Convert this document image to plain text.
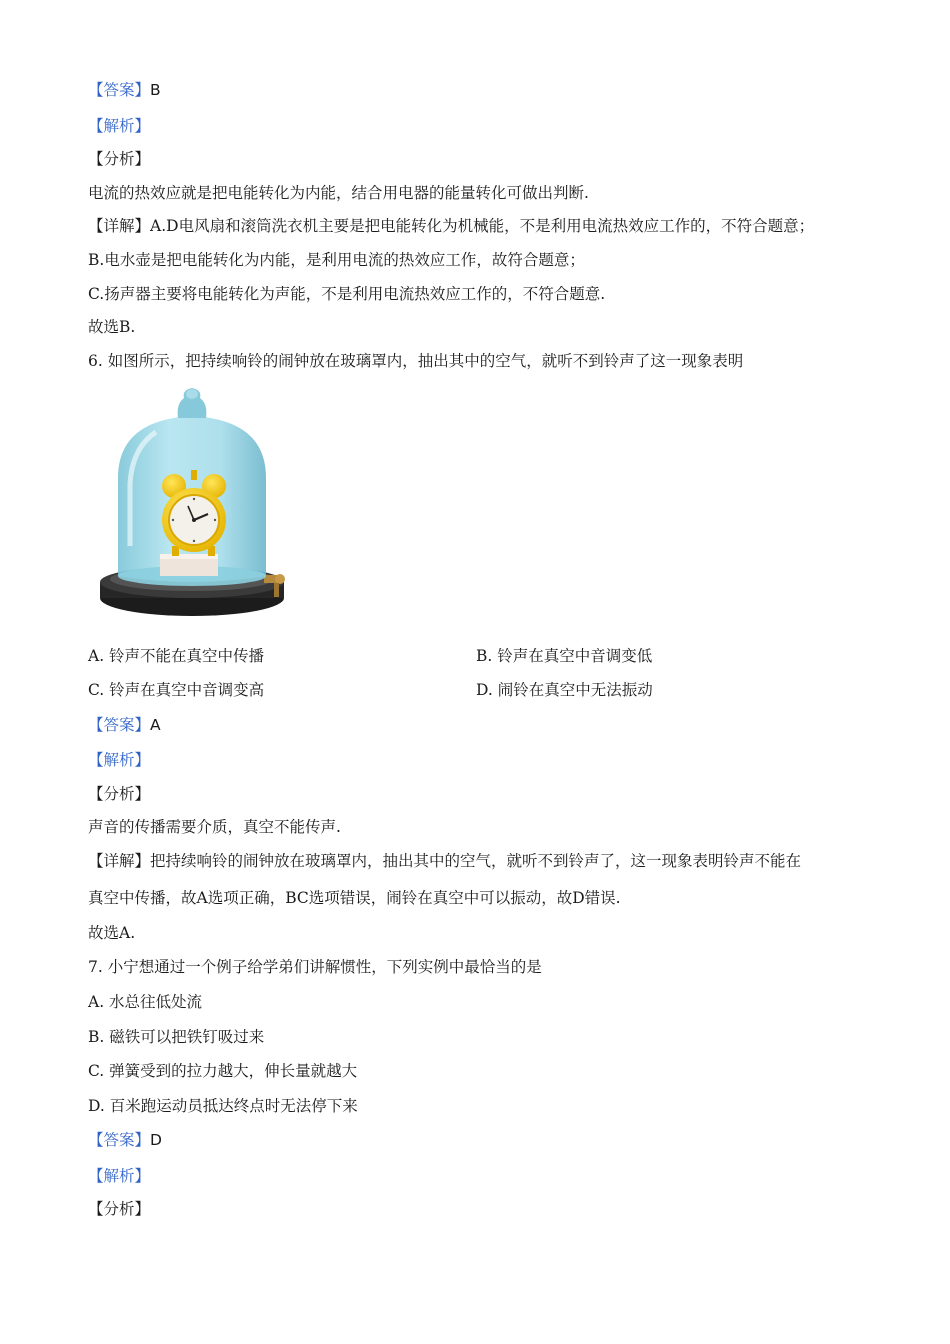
【答案】B
【解析】
【分析】
电流的热效应就是把电能转化为内能，结合用电器的能量转化可做出判断.
【详解】A.D电风扇和滚筒洗衣机主要是把电能转化为机械能，不是利用电流热效应工作的，不符合题意；
B.电水壶是把电能转化为内能，是利用电流的热效应工作，故符合题意；
C.扬声器主要将电能转化为声能，不是利用电流热效应工作的，不符合题意.
故选B.
6. 如图所示，把持续响铃的闹钟放在玻璃罩内，抽出其中的空气，就听不到铃声了这一现象表明
A. 铃声不能在真空中传播	B. 铃声在真空中音调变低
C. 铃声在真空中音调变高	D. 闹铃在真空中无法振动
【答案】A
【解析】
【分析】
声音的传播需要介质，真空不能传声.
【详解】把持续响铃的闹钟放在玻璃罩内，抽出其中的空气，就听不到铃声了，这一现象表明铃声不能在
真空中传播，故A选项正确，BC选项错误，闹铃在真空中可以振动，故D错误.
故选A.
7. 小宁想通过一个例子给学弟们讲解惯性，下列实例中最恰当的是
A. 水总往低处流
B. 磁铁可以把铁钉吸过来
C. 弹簧受到的拉力越大，伸长量就越大
D. 百米跑运动员抵达终点时无法停下来
【答案】D
【解析】
【分析】
